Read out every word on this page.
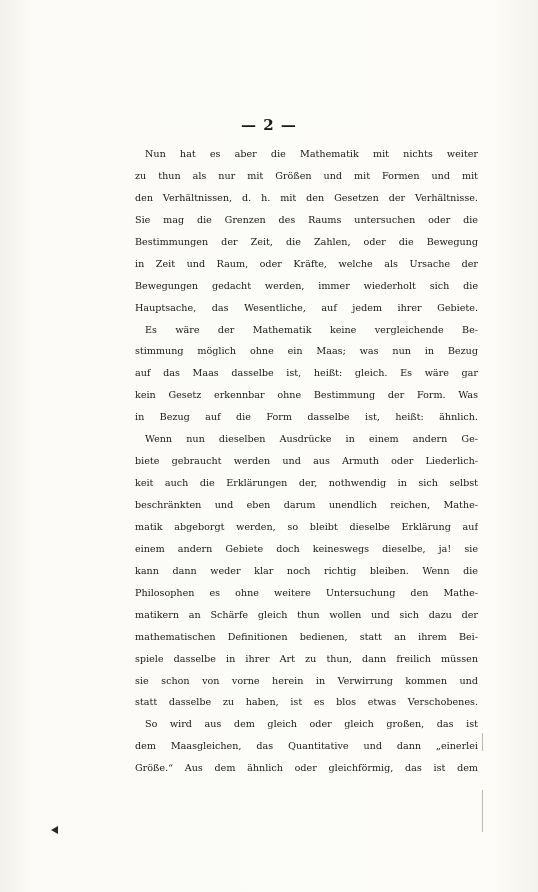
— 2 —
Nun hat es aber die Mathematik mit nichts weiter
zu thun als nur mit Größen und mit Formen und mit
den Verhältnissen, d. h. mit den Gesetzen der Verhältnisse.
Sie mag die Grenzen des Raums untersuchen oder die
Bestimmungen der Zeit, die Zahlen, oder die Bewegung
in Zeit und Raum, oder Kräfte, welche als Ursache der
Bewegungen gedacht werden, immer wiederholt sich die
Hauptsache, das Wesentliche, auf jedem ihrer Gebiete.
Es wäre der Mathematik keine vergleichende Be-
stimmung möglich ohne ein Maas; was nun in Bezug
auf das Maas dasselbe ist, heißt: gleich. Es wäre gar
kein Gesetz erkennbar ohne Bestimmung der Form. Was
in Bezug auf die Form dasselbe ist, heißt: ähnlich.
Wenn nun dieselben Ausdrücke in einem andern Ge-
biete gebraucht werden und aus Armuth oder Liederlich-
keit auch die Erklärungen der, nothwendig in sich selbst
beschränkten und eben darum unendlich reichen, Mathe-
matik abgeborgt werden, so bleibt dieselbe Erklärung auf
einem andern Gebiete doch keineswegs dieselbe, ja! sie
kann dann weder klar noch richtig bleiben. Wenn die
Philosophen es ohne weitere Untersuchung den Mathe-
matikern an Schärfe gleich thun wollen und sich dazu der
mathematischen Definitionen bedienen, statt an ihrem Bei-
spiele dasselbe in ihrer Art zu thun, dann freilich müssen
sie schon von vorne herein in Verwirrung kommen und
statt dasselbe zu haben, ist es blos etwas Verschobenes.
So wird aus dem gleich oder gleich großen, das ist
dem Maasgleichen, das Quantitative und dann „einerlei
Größe.“ Aus dem ähnlich oder gleichförmig, das ist dem
